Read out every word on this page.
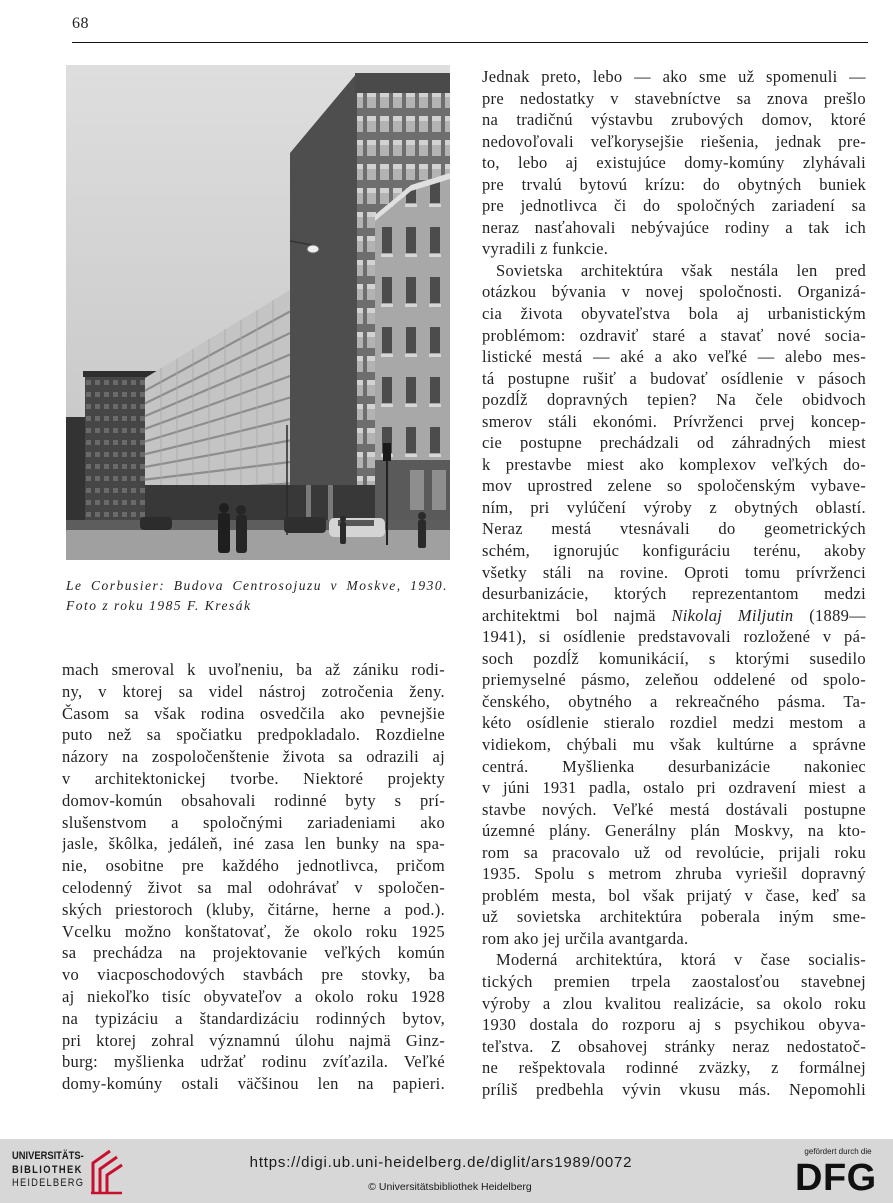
68
Le Corbusier: Budova Centrosojuzu v Moskve, 1930.
Foto z roku 1985 F. Kresák
mach smeroval k uvoľneniu, ba až zániku rodi-
ny, v ktorej sa videl nástroj zotročenia ženy.
Časom sa však rodina osvedčila ako pevnejšie
puto než sa spočiatku predpokladalo. Rozdielne
názory na zospoločenštenie života sa odrazili aj
v architektonickej tvorbe. Niektoré projekty
domov-komún obsahovali rodinné byty s prí-
slušenstvom a spoločnými zariadeniami ako
jasle, škôlka, jedáleň, iné zasa len bunky na spa-
nie, osobitne pre každého jednotlivca, pričom
celodenný život sa mal odohrávať v spoločen-
ských priestoroch (kluby, čitárne, herne a pod.).
Vcelku možno konštatovať, že okolo roku 1925
sa prechádza na projektovanie veľkých komún
vo viacposchodových stavbách pre stovky, ba
aj niekoľko tisíc obyvateľov a okolo roku 1928
na typizáciu a štandardizáciu rodinných bytov,
pri ktorej zohral významnú úlohu najmä Ginz-
burg: myšlienka udržať rodinu zvíťazila. Veľké
domy-komúny ostali väčšinou len na papieri.
Jednak preto, lebo — ako sme už spomenuli —
pre nedostatky v stavebníctve sa znova prešlo
na tradičnú výstavbu zrubových domov, ktoré
nedovoľovali veľkorysejšie riešenia, jednak pre-
to, lebo aj existujúce domy-komúny zlyhávali
pre trvalú bytovú krízu: do obytných buniek
pre jednotlivca či do spoločných zariadení sa
neraz nasťahovali nebývajúce rodiny a tak ich
vyradili z funkcie.
Sovietska architektúra však nestála len pred
otázkou bývania v novej spoločnosti. Organizá-
cia života obyvateľstva bola aj urbanistickým
problémom: ozdraviť staré a stavať nové socia-
listické mestá — aké a ako veľké — alebo mes-
tá postupne rušiť a budovať osídlenie v pásoch
pozdĺž dopravných tepien? Na čele obidvoch
smerov stáli ekonómi. Prívrženci prvej koncep-
cie postupne prechádzali od záhradných miest
k prestavbe miest ako komplexov veľkých do-
mov uprostred zelene so spoločenským vybave-
ním, pri vylúčení výroby z obytných oblastí.
Neraz mestá vtesnávali do geometrických
schém, ignorujúc konfiguráciu terénu, akoby
všetky stáli na rovine. Oproti tomu prívrženci
desurbanizácie, ktorých reprezentantom medzi
architektmi bol najmä Nikolaj Miljutin (1889—
1941), si osídlenie predstavovali rozložené v pá-
soch pozdĺž komunikácií, s ktorými susedilo
priemyselné pásmo, zeleňou oddelené od spolo-
čenského, obytného a rekreačného pásma. Ta-
kéto osídlenie stieralo rozdiel medzi mestom a
vidiekom, chýbali mu však kultúrne a správne
centrá. Myšlienka desurbanizácie nakoniec
v júni 1931 padla, ostalo pri ozdravení miest a
stavbe nových. Veľké mestá dostávali postupne
územné plány. Generálny plán Moskvy, na kto-
rom sa pracovalo už od revolúcie, prijali roku
1935. Spolu s metrom zhruba vyriešil dopravný
problém mesta, bol však prijatý v čase, keď sa
už sovietska architektúra poberala iným sme-
rom ako jej určila avantgarda.
Moderná architektúra, ktorá v čase socialis-
tických premien trpela zaostalosťou stavebnej
výroby a zlou kvalitou realizácie, sa okolo roku
1930 dostala do rozporu aj s psychikou obyva-
teľstva. Z obsahovej stránky neraz nedostatoč-
ne rešpektovala rodinné zväzky, z formálnej
príliš predbehla vývin vkusu más. Nepomohli
UNIVERSITÄTS-
BIBLIOTHEK
HEIDELBERG
https://digi.ub.uni-heidelberg.de/diglit/ars1989/0072
© Universitätsbibliothek Heidelberg
gefördert durch die
DFG
